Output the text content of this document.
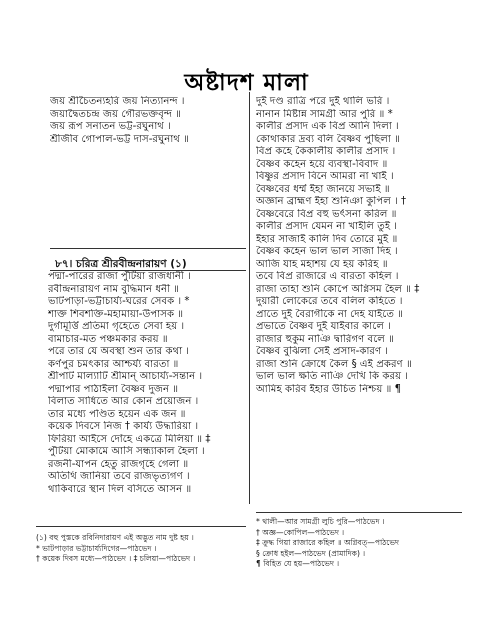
অষ্টাদশ মালা
জয় শ্রীচৈতন্যহরি জয় নিত্যানন্দ ।
জয়াদ্বৈতচন্দ্র জয় গৌরভক্তবৃন্দ ॥
জয় রূপ সনাতন ভট্ট-রঘুনাথ ।
শ্রীজীব গোপাল-ভট্ট দাস-রঘুনাথ ॥
৮৭। চরিত্র শ্রীরবীন্দ্রনারায়ণ (১)
পদ্মা-পারের রাজা পুঁটিয়া রাজধানী ।
রবীন্দ্রনারায়ণ নাম বুদ্ধিমান ধনী ॥
ভাটপাড়া-ভট্টাচার্য্য-ঘরের সেবক । *
শাক্ত শিবশক্তি-মহামায়া-উপাসক ॥
দুর্গামূর্ত্তি প্রতিমা গৃহেতে সেবা হয় ।
বামাচার-মত পঞ্চমকার করয় ॥
পরে তার যে অবস্থা শুন তার কথা ।
কর্ণপুর চমৎকার আশ্চর্য্য বারতা ॥
শ্রীপাট মাল্যাটি শ্রীমান্ আচার্য্য-সন্তান ।
পদ্মাপার পাঠাইলা বৈষ্ণব দুজন ॥
বিলাত সাধিতে আর কোন প্রয়োজন ।
তার মধ্যে পণ্ডিত হয়েন এক জন ॥
কয়েক দিবসে নিজ † কার্য্য উদ্ধারিয়া ।
ফিরিয়া আইসে দোঁহে একত্রে মিলিয়া ॥ ‡
পুঁটিয়া মোকামে আসি সন্ধ্যাকাল হৈলা ।
রজনী-যাপন হেতু রাজগৃহে গেলা ॥
অতিথি জানিয়া তবে রাজভৃত্যগণ ।
থাকিবারে স্থান দিল বসিতে আসন ॥
দুই দণ্ড রাত্রি পরে দুই থালি ভরি ।
নানান মিষ্টান্ন সামগ্রী আর পুরি ॥ *
কালীর প্রসাদ এক বিপ্র আনি দিলা ।
কোথাকার দ্রব্য বলি বৈষ্ণব পুছিলা ॥
বিপ্র কহে কৈকালীয় কালীর প্রসাদ ।
বৈষ্ণব কহেন হয়ে ব্যবস্থা-বিবাদ ॥
বিষ্ণুর প্রসাদ বিনে আমরা না খাই ।
বৈষ্ণবের ধর্ম্ম ইহা জানয়ে সভাই ॥
অজ্ঞান ব্রাহ্মণ ইহা শুনিঞা কুপিল । †
বৈষ্ণবেরে বিপ্র বহু ভর্ৎসনা করিল ॥
কালীর প্রসাদ যেমন না খাইলি তুই ।
ইহার সাজাই কালি দিব তোরে মুই ॥
বৈষ্ণব কহেন ভাল ভাল সাজা দিহ ।
আজি যাহ মহাশয় যে হয় করিহ ॥
তবে বিপ্র রাজারে এ বারতা কহিল ।
রাজা তাহা শুনি কোপে অগ্নিসম হৈল ॥ ‡
দুয়ারী লোকেরে তবে বলিল কহিতে ।
প্রাতে দুই বৈরাগীকে না দেহ যাইতে ॥
প্রভাতে বৈষ্ণব দুই যাইবার কালে ।
রাজার হুকুম নাঞি দ্বারিগণ বলে ॥
বৈষ্ণব বুঝিলা সেই প্রসাদ-কারণ ।
রাজা শুনি ক্রোধে কৈল § এই প্রকরণ ॥
ভাল ভাল ক্ষতি নাঞি দেখি কি করয় ।
আমিহ করিব ইহার উচিত নিশ্চয় ॥ ¶
(১) বহু পুস্তকে রবিনিদারায়ণ এই অদ্ভুত নাম দুষ্ট হয় ।
* ভাটপাড়ার ভট্টাচার্য্যদিগের—পাঠভেদ ।
† কয়েক দিবস মধ্যে—পাঠভেদ । ‡ চলিয়া—পাঠভেদ ।
* থালী—আর সামগ্রী লুচি পুরি—পাঠভেদ ।
† অজ্ঞ—কোপিল—পাঠভেদ ।
‡ ক্রুদ্ধ গিয়া রাজারে কহিল ॥ অগ্নিবত্—পাঠভেদ
§ ক্রোধ হইল—পাঠভেদ (প্রামাদিক) ।
¶ বিহিত যে হয়—পাঠভেদ ।
